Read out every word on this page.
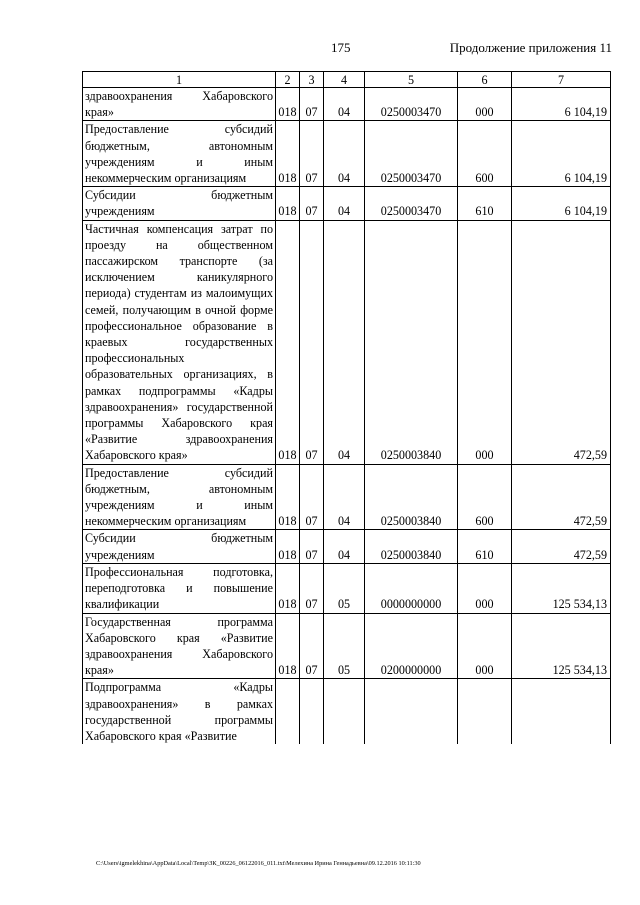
175	Продолжение приложения 11
1	2	3	4	5	6	7
здравоохранения Хабаровского края»	018	07	04	0250003470	000	6 104,19
Предоставление субсидий бюджетным, автономным учреждениям и иным некоммерческим организациям	018	07	04	0250003470	600	6 104,19
Субсидии бюджетным учреждениям	018	07	04	0250003470	610	6 104,19
Частичная компенсация затрат по проезду на общественном пассажирском транспорте (за исключением каникулярного периода) студентам из малоимущих семей, получающим в очной форме профессиональное образование в краевых государственных профессиональных образовательных организациях, в рамках подпрограммы «Кадры здравоохранения» государственной программы Хабаровского края «Развитие здравоохранения Хабаровского края»	018	07	04	0250003840	000	472,59
Предоставление субсидий бюджетным, автономным учреждениям и иным некоммерческим организациям	018	07	04	0250003840	600	472,59
Субсидии бюджетным учреждениям	018	07	04	0250003840	610	472,59
Профессиональная подготовка, переподготовка и повышение квалификации	018	07	05	0000000000	000	125 534,13
Государственная программа Хабаровского края «Развитие здравоохранения Хабаровского края»	018	07	05	0200000000	000	125 534,13
Подпрограмма «Кадры здравоохранения» в рамках государственной программы Хабаровского края «Развитие						
C:\Users\igmelekhina\AppData\Local\Temp\ЗК_00226_06122016_011.txt\Мелехина Ирина Геннадьевна\09.12.2016 10:11:30
